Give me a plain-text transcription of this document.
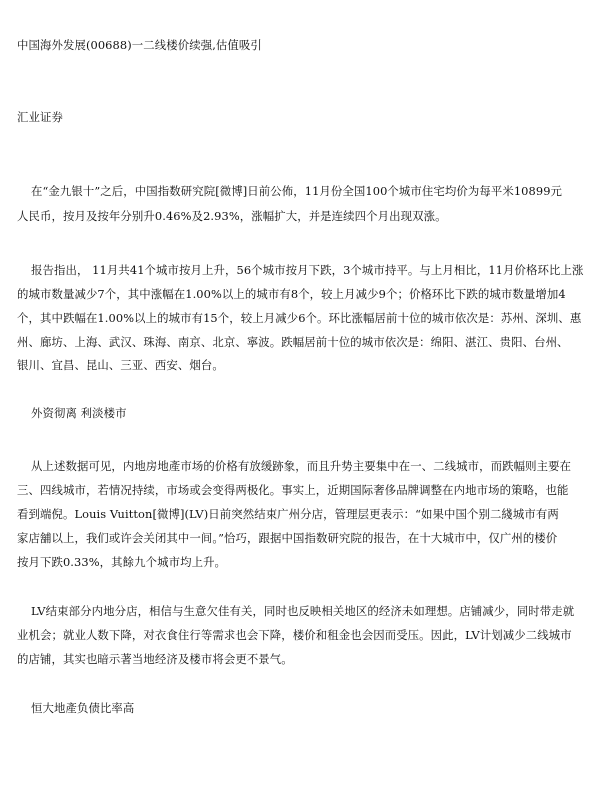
中国海外发展(00688)一二线楼价续强,估值吸引
汇业证券
在“金九银十”之后，中国指数研究院[微博]日前公佈，11月份全国100个城市住宅均价为每平米10899元
人民币，按月及按年分别升0.46%及2.93%，涨幅扩大，并是连续四个月出现双涨。
报告指出， 11月共41个城市按月上升，56个城市按月下跌，3个城市持平。与上月相比，11月价格环比上涨
的城市数量减少7个，其中涨幅在1.00%以上的城市有8个，较上月减少9个；价格环比下跌的城市数量增加4
个，其中跌幅在1.00%以上的城市有15个，较上月减少6个。环比涨幅居前十位的城市依次是：苏州、深圳、惠
州、廊坊、上海、武汉、珠海、南京、北京、寧波。跌幅居前十位的城市依次是：绵阳、湛江、贵阳、台州、
银川、宜昌、昆山、三亚、西安、烟台。
外资彻离 利淡楼市
从上述数据可见，内地房地產市场的价格有放缓跡象，而且升势主要集中在一、二线城市，而跌幅则主要在
三、四线城市，若情况持续，市场或会变得两极化。事实上，近期国际奢侈品牌调整在内地市场的策略，也能
看到端倪。Louis Vuitton[微博](LV)日前突然结束广州分店，管理层更表示：“如果中国个别二綫城市有两
家店舖以上，我们或许会关闭其中一间。”恰巧，跟据中国指数研究院的报告，在十大城市中，仅广州的楼价
按月下跌0.33%，其餘九个城市均上升。
LV结束部分内地分店，相信与生意欠佳有关，同时也反映相关地区的经济未如理想。店铺减少，同时带走就
业机会；就业人数下降，对衣食住行等需求也会下降，楼价和租金也会因而受压。因此，LV计划减少二线城市
的店铺，其实也暗示著当地经济及楼市将会更不景气。
恒大地產负债比率高
